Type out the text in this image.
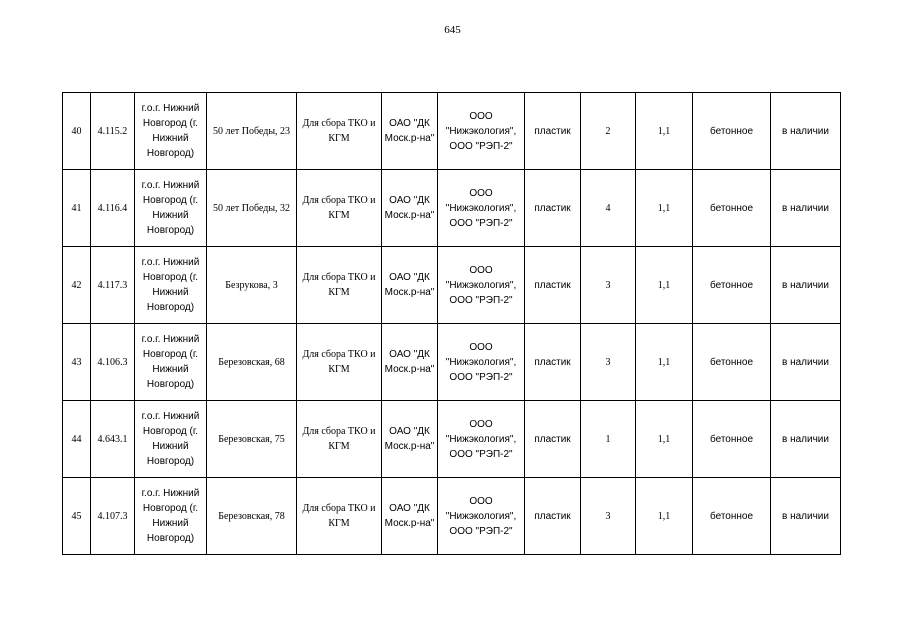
645
40	4.115.2	г.о.г. Нижний Новгород (г. Нижний Новгород)	50 лет Победы, 23	Для сбора ТКО и КГМ	ОАО "ДК Моск.р-на"	ООО "Нижэкология", ООО "РЭП-2"	пластик	2	1,1	бетонное	в наличии
41	4.116.4	г.о.г. Нижний Новгород (г. Нижний Новгород)	50 лет Победы, 32	Для сбора ТКО и КГМ	ОАО "ДК Моск.р-на"	ООО "Нижэкология", ООО "РЭП-2"	пластик	4	1,1	бетонное	в наличии
42	4.117.3	г.о.г. Нижний Новгород (г. Нижний Новгород)	Безрукова, 3	Для сбора ТКО и КГМ	ОАО "ДК Моск.р-на"	ООО "Нижэкология", ООО "РЭП-2"	пластик	3	1,1	бетонное	в наличии
43	4.106.3	г.о.г. Нижний Новгород (г. Нижний Новгород)	Березовская, 68	Для сбора ТКО и КГМ	ОАО "ДК Моск.р-на"	ООО "Нижэкология", ООО "РЭП-2"	пластик	3	1,1	бетонное	в наличии
44	4.643.1	г.о.г. Нижний Новгород (г. Нижний Новгород)	Березовская, 75	Для сбора ТКО и КГМ	ОАО "ДК Моск.р-на"	ООО "Нижэкология", ООО "РЭП-2"	пластик	1	1,1	бетонное	в наличии
45	4.107.3	г.о.г. Нижний Новгород (г. Нижний Новгород)	Березовская, 78	Для сбора ТКО и КГМ	ОАО "ДК Моск.р-на"	ООО "Нижэкология", ООО "РЭП-2"	пластик	3	1,1	бетонное	в наличии
